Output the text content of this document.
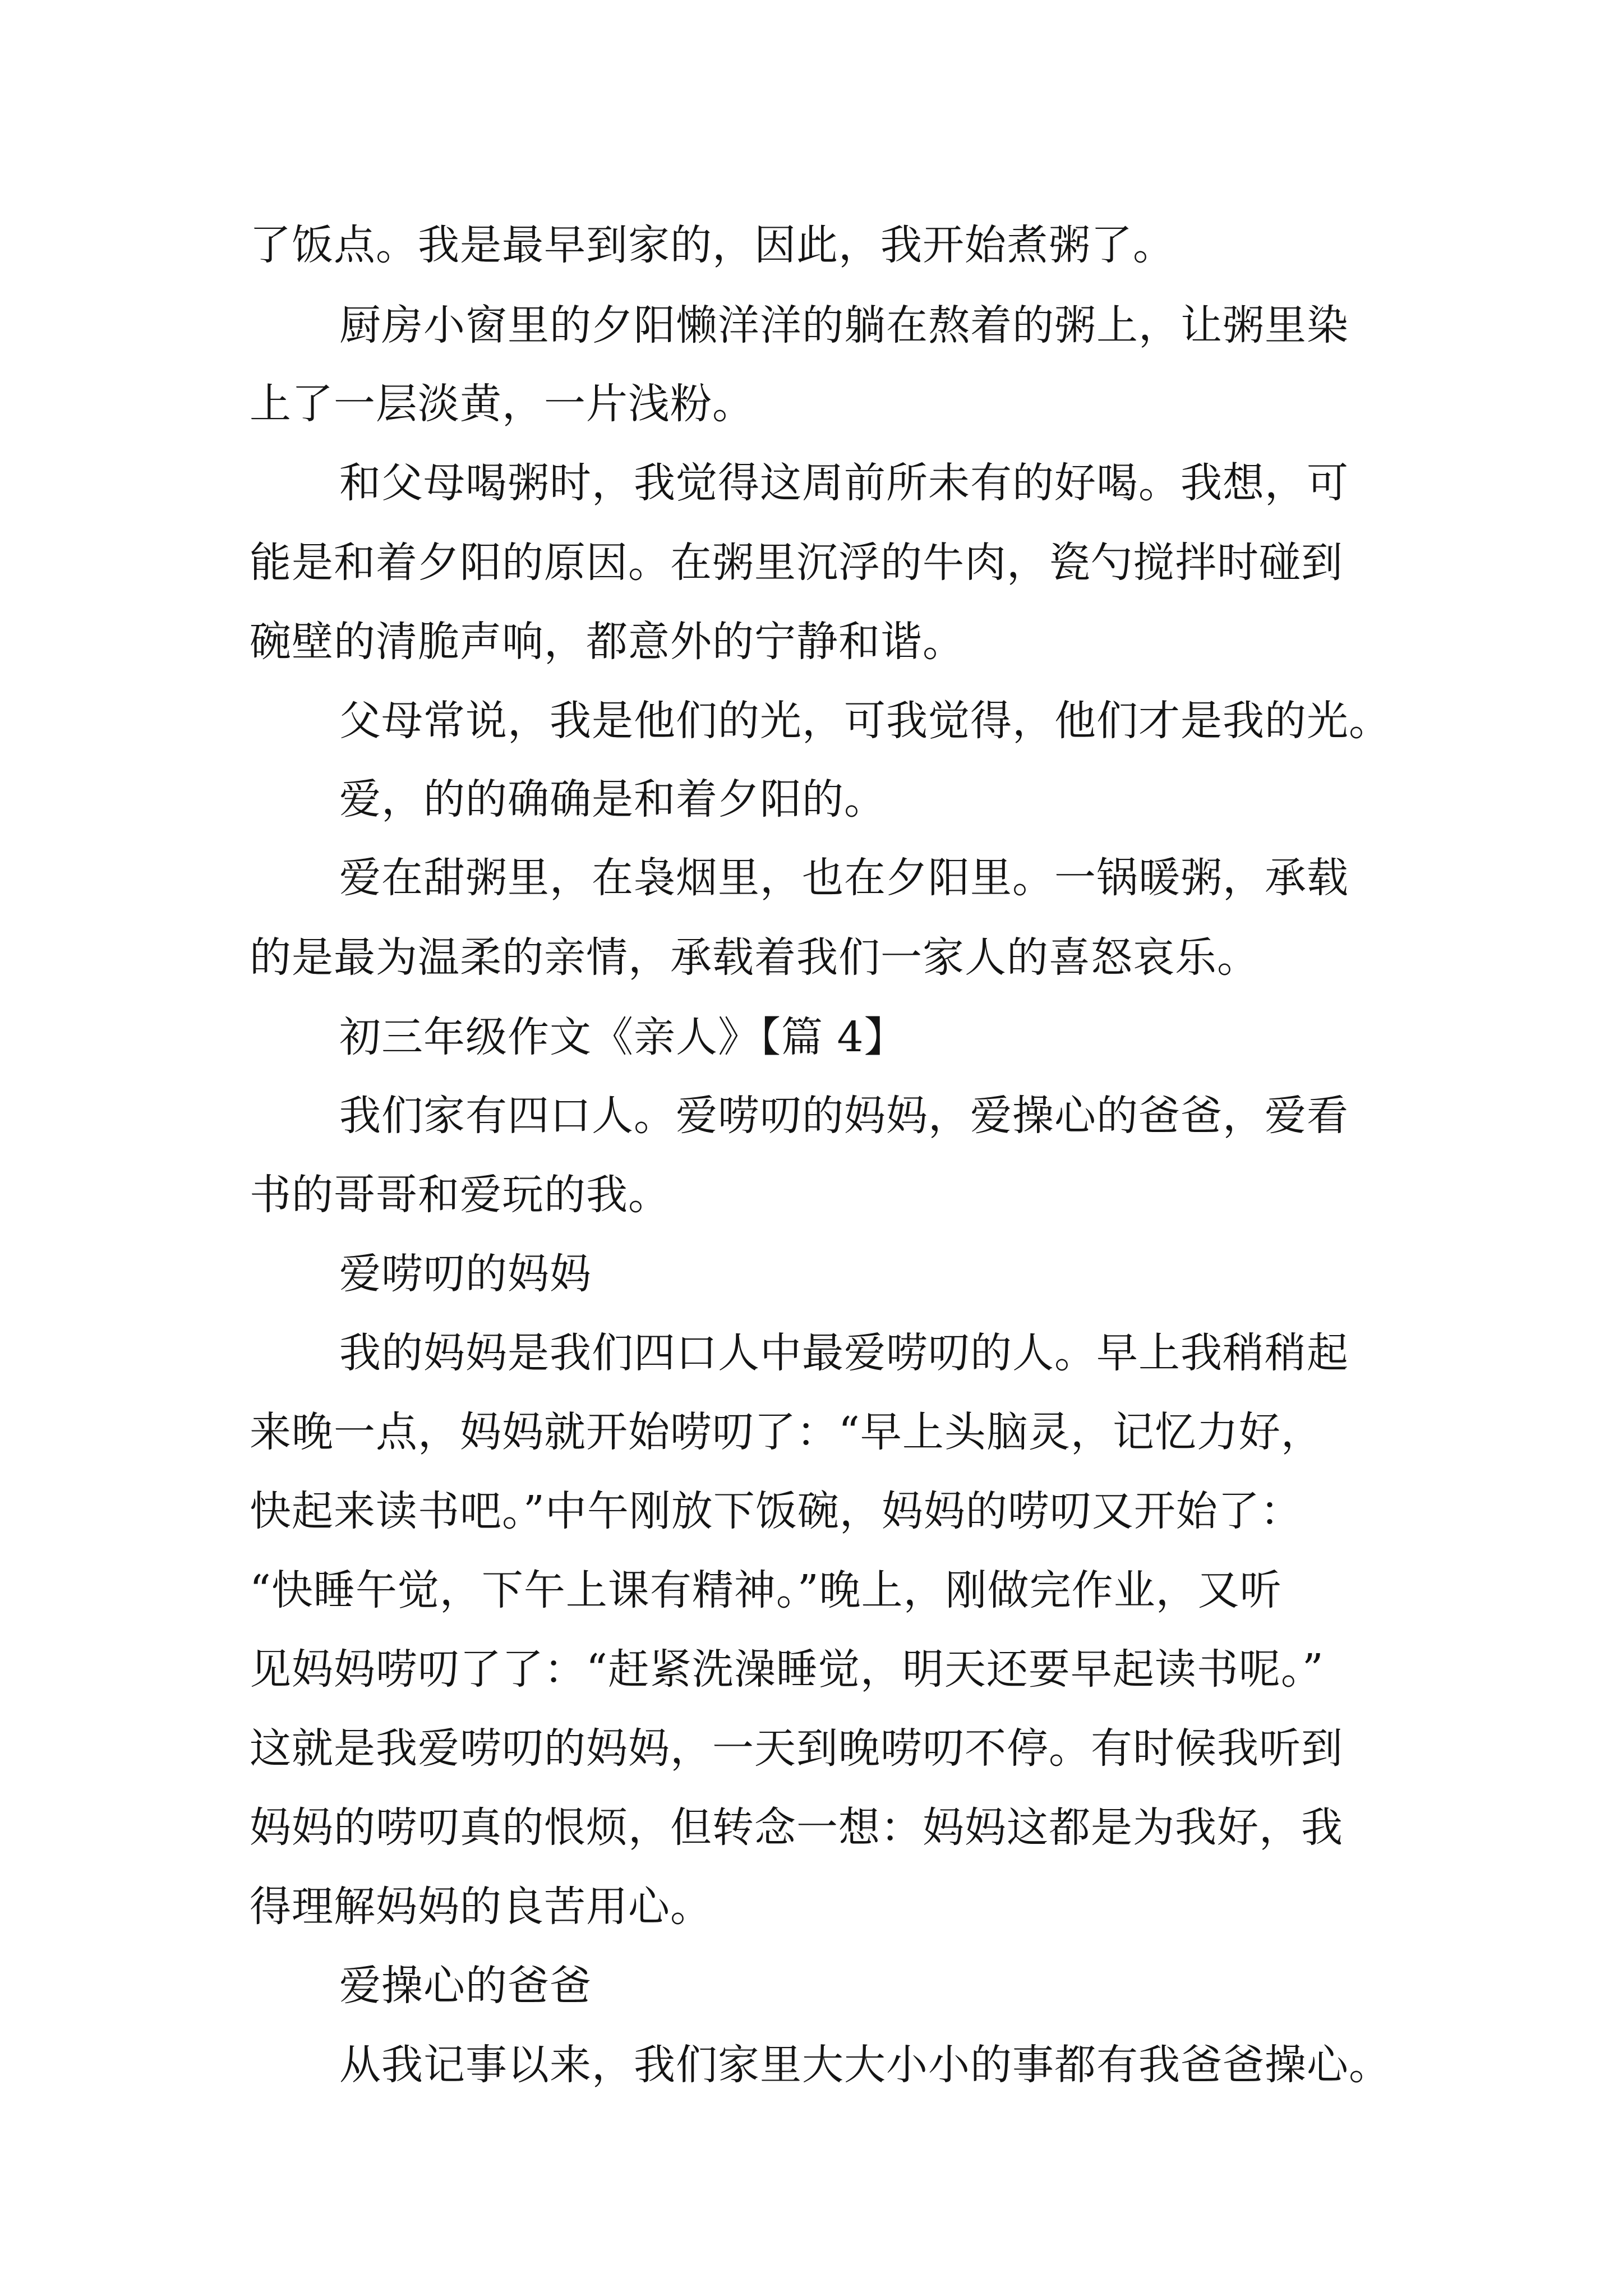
了饭点。我是最早到家的，因此，我开始煮粥了。
厨房小窗里的夕阳懒洋洋的躺在熬着的粥上，让粥里染
上了一层淡黄，一片浅粉。
和父母喝粥时，我觉得这周前所未有的好喝。我想，可
能是和着夕阳的原因。在粥里沉浮的牛肉，瓷勺搅拌时碰到
碗壁的清脆声响，都意外的宁静和谐。
父母常说，我是他们的光，可我觉得，他们才是我的光。
爱，的的确确是和着夕阳的。
爱在甜粥里，在袅烟里，也在夕阳里。一锅暖粥，承载
的是最为温柔的亲情，承载着我们一家人的喜怒哀乐。
初三年级作文《亲人》【篇 4】
我们家有四口人。爱唠叨的妈妈，爱操心的爸爸，爱看
书的哥哥和爱玩的我。
爱唠叨的妈妈
我的妈妈是我们四口人中最爱唠叨的人。早上我稍稍起
来晚一点，妈妈就开始唠叨了：“早上头脑灵，记忆力好，
快起来读书吧。”中午刚放下饭碗，妈妈的唠叨又开始了：
“快睡午觉，下午上课有精神。”晚上，刚做完作业，又听
见妈妈唠叨了了：“赶紧洗澡睡觉，明天还要早起读书呢。”
这就是我爱唠叨的妈妈，一天到晚唠叨不停。有时候我听到
妈妈的唠叨真的恨烦，但转念一想：妈妈这都是为我好，我
得理解妈妈的良苦用心。
爱操心的爸爸
从我记事以来，我们家里大大小小的事都有我爸爸操心。
